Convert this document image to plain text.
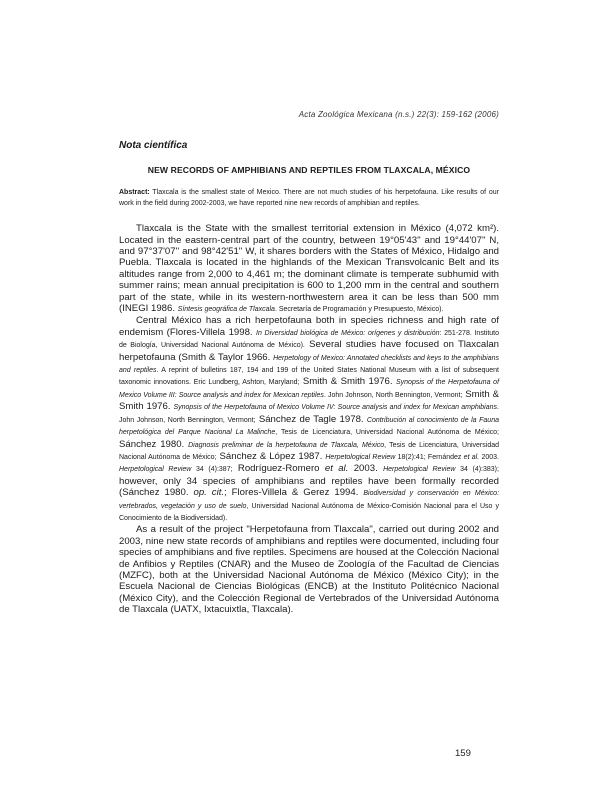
Acta Zoológica Mexicana (n.s.) 22(3): 159-162 (2006)

Nota científica

NEW RECORDS OF AMPHIBIANS AND REPTILES FROM TLAXCALA, MÉXICO

Abstract: Tlaxcala is the smallest state of Mexico. There are not much studies of his herpetofauna. Like results of our work in the field during 2002-2003, we have reported nine new records of amphibian and reptiles.

Tlaxcala is the State with the smallest territorial extension in México (4,072 km²). Located in the eastern-central part of the country, between 19°05'43'' and 19°44'07'' N, and 97°37'07'' and 98°42'51'' W, it shares borders with the States of México, Hidalgo and Puebla. Tlaxcala is located in the highlands of the Mexican Transvolcanic Belt and its altitudes range from 2,000 to 4,461 m; the dominant climate is temperate subhumid with summer rains; mean annual precipitation is 600 to 1,200 mm in the central and southern part of the state, while in its western-northwestern area it can be less than 500 mm (INEGI 1986. Síntesis geográfica de Tlaxcala. Secretaría de Programación y Presupuesto, México).

Central México has a rich herpetofauna both in species richness and high rate of endemism (Flores-Villela 1998. In Diversidad biológica de México: orígenes y distribución: 251-278. Instituto de Biología, Universidad Nacional Autónoma de México). Several studies have focused on Tlaxcalan herpetofauna (Smith & Taylor 1966. Herpetology of Mexico: Annotated checklists and keys to the amphibians and reptiles. A reprint of bulletins 187, 194 and 199 of the United States National Museum with a list of subsequent taxonomic innovations. Eric Lundberg, Ashton, Maryland; Smith & Smith 1976. Synopsis of the Herpetofauna of Mexico Volume III: Source analysis and index for Mexican reptiles. John Johnson, North Bennington, Vermont; Smith & Smith 1976. Synopsis of the Herpetofauna of Mexico Volume IV: Source analysis and index for Mexican amphibians. John Johnson, North Bennington, Vermont; Sánchez de Tagle 1978. Contribución al conocimiento de la Fauna herpetológica del Parque Nacional La Malinche, Tesis de Licenciatura, Universidad Nacional Autónoma de México; Sánchez 1980. Diagnosis preliminar de la herpetofauna de Tlaxcala, México, Tesis de Licenciatura, Universidad Nacional Autónoma de México; Sánchez & López 1987. Herpetological Review 18(2):41; Fernández et al. 2003. Herpetological Review 34 (4):387; Rodríguez-Romero et al. 2003. Herpetological Review 34 (4):383); however, only 34 species of amphibians and reptiles have been formally recorded (Sánchez 1980. op. cit.; Flores-Villela & Gerez 1994. Biodiversidad y conservación en México: vertebrados, vegetación y uso de suelo, Universidad Nacional Autónoma de México-Comisión Nacional para el Uso y Conocimiento de la Biodiversidad).

As a result of the project "Herpetofauna from Tlaxcala", carried out during 2002 and 2003, nine new state records of amphibians and reptiles were documented, including four species of amphibians and five reptiles. Specimens are housed at the Colección Nacional de Anfibios y Reptiles (CNAR) and the Museo de Zoología of the Facultad de Ciencias (MZFC), both at the Universidad Nacional Autónoma de México (México City); in the Escuela Nacional de Ciencias Biológicas (ENCB) at the Instituto Politécnico Nacional (México City), and the Colección Regional de Vertebrados of the Universidad Autónoma de Tlaxcala (UATX, Ixtacuixtla, Tlaxcala).

159
